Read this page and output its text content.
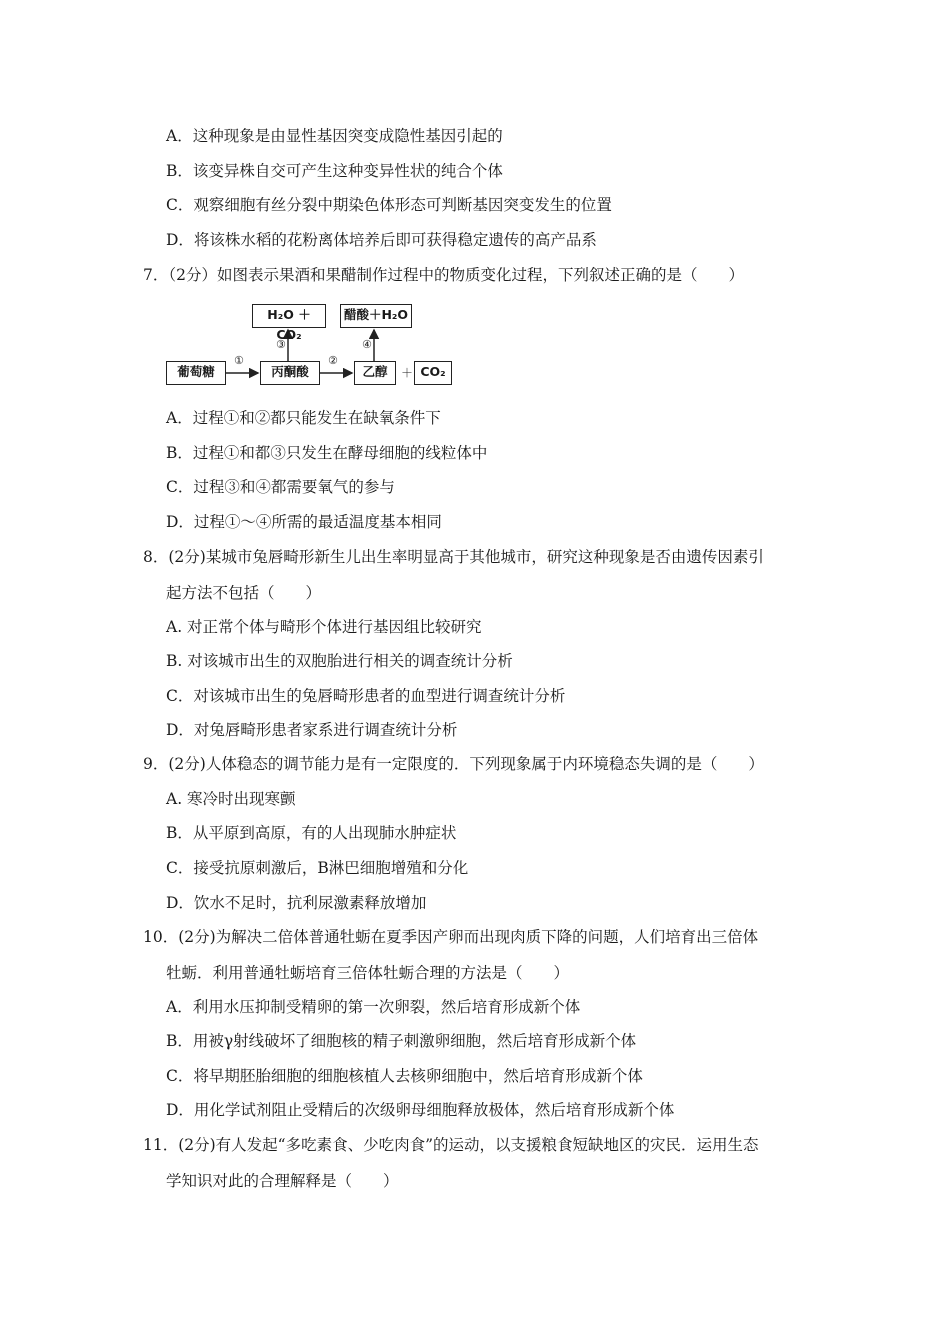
A．这种现象是由显性基因突变成隐性基因引起的
B．该变异株自交可产生这种变异性状的纯合个体
C．观察细胞有丝分裂中期染色体形态可判断基因突变发生的位置
D．将该株水稻的花粉离体培养后即可获得稳定遗传的高产品系
7．（2分）如图表示果酒和果醋制作过程中的物质变化过程，下列叙述正确的是（　　）
H₂O ＋ CO₂
醋酸＋H₂O
葡萄糖	丙酮酸	乙醇	＋ CO₂
①	②
③	④
A．过程①和②都只能发生在缺氧条件下
B．过程①和都③只发生在酵母细胞的线粒体中
C．过程③和④都需要氧气的参与
D．过程①～④所需的最适温度基本相同
8．(2分)某城市兔唇畸形新生儿出生率明显高于其他城市，研究这种现象是否由遗传因素引
起方法不包括（　　）
A. 对正常个体与畸形个体进行基因组比较研究
B. 对该城市出生的双胞胎进行相关的调查统计分析
C．对该城市出生的兔唇畸形患者的血型进行调查统计分析
D．对兔唇畸形患者家系进行调查统计分析
9．(2分)人体稳态的调节能力是有一定限度的．下列现象属于内环境稳态失调的是（　　）
A. 寒冷时出现寒颤
B．从平原到高原，有的人出现肺水肿症状
C．接受抗原刺激后，B淋巴细胞增殖和分化
D．饮水不足时，抗利尿激素释放增加
10．(2分)为解决二倍体普通牡蛎在夏季因产卵而出现肉质下降的问题，人们培育出三倍体
牡蛎．利用普通牡蛎培育三倍体牡蛎合理的方法是（　　）
A．利用水压抑制受精卵的第一次卵裂，然后培育形成新个体
B．用被γ射线破坏了细胞核的精子刺激卵细胞，然后培育形成新个体
C．将早期胚胎细胞的细胞核植人去核卵细胞中，然后培育形成新个体
D．用化学试剂阻止受精后的次级卵母细胞释放极体，然后培育形成新个体
11．(2分)有人发起“多吃素食、少吃肉食”的运动，以支援粮食短缺地区的灾民．运用生态
学知识对此的合理解释是（　　）
